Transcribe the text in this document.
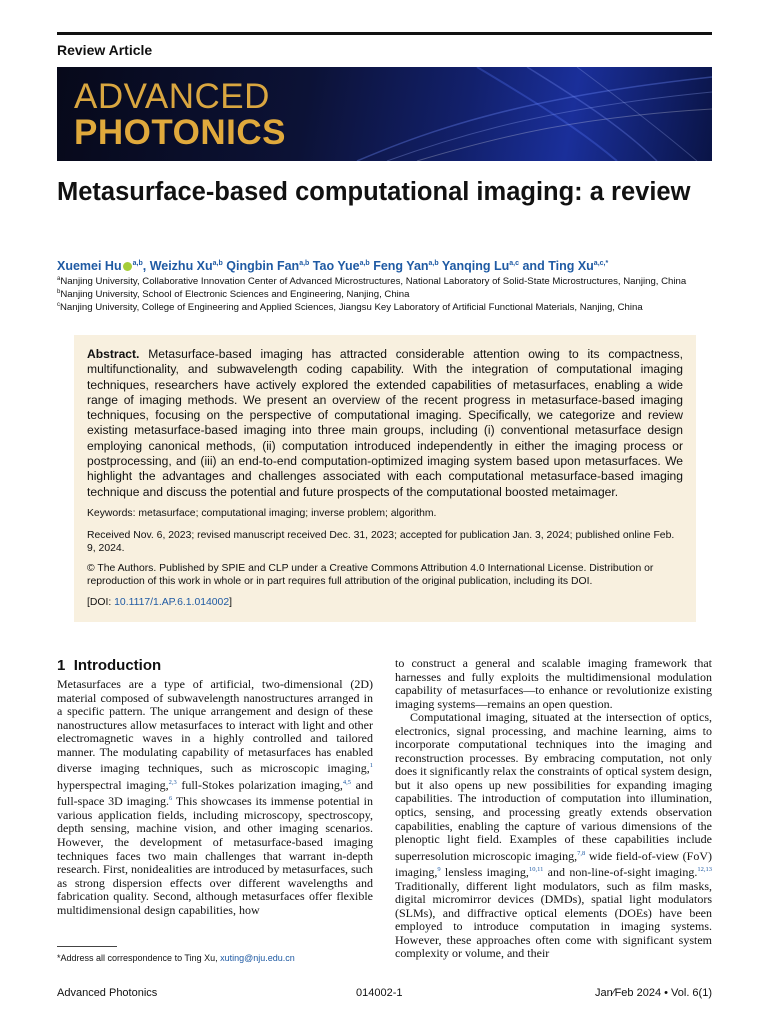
Review Article
ADVANCED
PHOTONICS
Metasurface-based computational imaging: a review
Xuemei Hu $^{a,b}$, Weizhu Xu$^{a,b}$ Qingbin Fan$^{a,b}$ Tao Yue$^{a,b}$ Feng Yan$^{a,b}$ Yanqing Lu$^{a,c}$ and Ting $Xu^{a,c,*}$
$^a$Nanjing University, Collaborative Innovation Center of Advanced Microstructures, National Laboratory of Solid-State Microstructures, Nanjing, China
$^b$Nanjing University, School of Electronic Sciences and Engineering, Nanjing, China
$^c$Nanjing University, College of Engineering and Applied Sciences, Jiangsu Key Laboratory of Artificial Functional Materials, Nanjing, China
Abstract. Metasurface-based imaging has attracted considerable attention owing to its compactness, multifunctionality, and subwavelength coding capability. With the integration of computational imaging techniques, researchers have actively explored the extended capabilities of metasurfaces, enabling a wide range of imaging methods. We present an overview of the recent progress in metasurface-based imaging techniques, focusing on the perspective of computational imaging. Specifically, we categorize and review existing metasurface-based imaging into three main groups, including (i) conventional metasurface design employing canonical methods, (ii) computation introduced independently in either the imaging process or postprocessing, and (iii) an end-to-end computation-optimized imaging system based upon metasurfaces. We highlight the advantages and challenges associated with each computational metasurface-based imaging technique and discuss the potential and future prospects of the computational boosted metaimager.
Keywords: metasurface; computational imaging; inverse problem; algorithm.
Received Nov. 6, 2023; revised manuscript received Dec. 31, 2023; accepted for publication Jan. 3, 2024; published online Feb. 9, 2024.
© The Authors. Published by SPIE and CLP under a Creative Commons Attribution 4.0 International License. Distribution or reproduction of this work in whole or in part requires full attribution of the original publication, including its DOI.
[DOI: 10.1117/1.AP.6.1.014002]
1 Introduction
Metasurfaces are a type of artificial, two-dimensional (2D) material composed of subwavelength nanostructures arranged in a specific pattern. The unique arrangement and design of these nanostructures allow metasurfaces to interact with light and other electromagnetic waves in a highly controlled and tailored manner. The modulating capability of metasurfaces has enabled diverse imaging techniques, such as microscopic imaging,$^1$ hyperspectral imaging,$^{2,3}$ full-Stokes polarization imaging,$^{4,5}$ and full-space 3D imaging.$^6$ This showcases its immense potential in various application fields, including microscopy, spectroscopy, depth sensing, machine vision, and other imaging scenarios. However, the development of metasurface-based imaging techniques faces two main challenges that warrant in-depth research. First, nonidealities are introduced by metasurfaces, such as strong dispersion effects over different wavelengths and fabrication quality. Second, although metasurfaces offer flexible multidimensional design capabilities, how
to construct a general and scalable imaging framework that harnesses and fully exploits the multidimensional modulation capability of metasurfaces—to enhance or revolutionize existing imaging systems—remains an open question.
Computational imaging, situated at the intersection of optics, electronics, signal processing, and machine learning, aims to incorporate computational techniques into the imaging and reconstruction processes. By embracing computation, not only does it significantly relax the constraints of optical system design, but it also opens up new possibilities for expanding imaging capabilities. The introduction of computation into illumination, optics, sensing, and processing greatly extends observation capabilities, enabling the capture of various dimensions of the plenoptic light field. Examples of these capabilities include superresolution microscopic imaging,$^{7,8}$ wide field-of-view (FoV) imaging,$^9$ lensless imaging,$^{10,11}$ and non-line-of-sight imaging.$^{12,13}$ Traditionally, different light modulators, such as film masks, digital micromirror devices (DMDs), spatial light modulators (SLMs), and diffractive optical elements (DOEs) have been employed to introduce computation in imaging systems. However, these approaches often come with significant system complexity or volume, and their
*Address all correspondence to Ting Xu, xuting@nju.edu.cn
Advanced Photonics	014002-1	Jan∕Feb 2024 • Vol. 6(1)
